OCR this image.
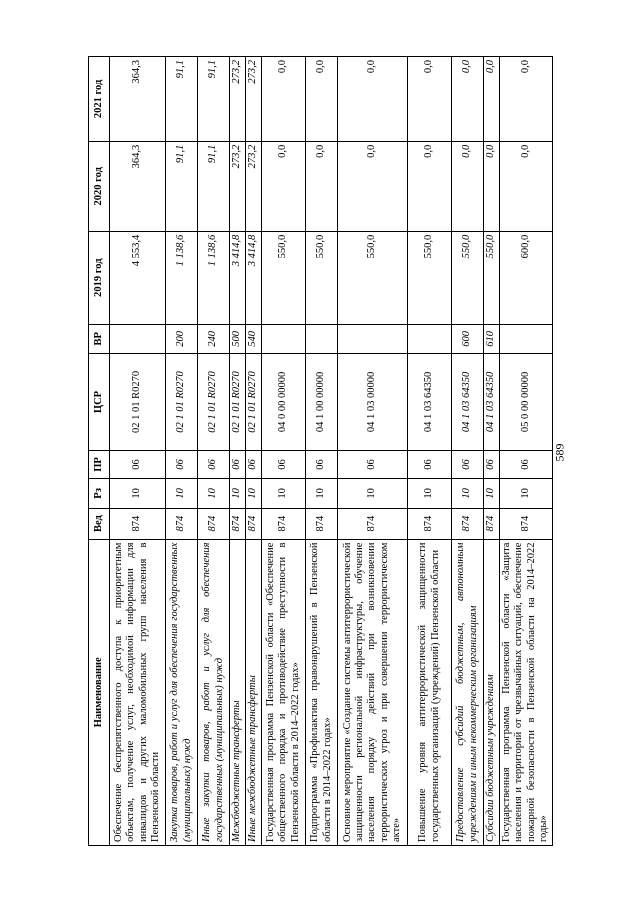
589
Наименование	Вед	Рз	ПР	ЦСР	ВР	2019 год	2020 год	2021 год
Обеспечение беспрепятственного доступа к приоритетным объектам, получение услуг, необходимой информации для инвалидов и других маломобильных групп населения в Пензенской области	874	10	06	02 1 01 R0270		4 553,4	364,3	364,3
Закупка товаров, работ и услуг для обеспечения государственных (муниципальных) нужд	874	10	06	02 1 01 R0270	200	1 138,6	91,1	91,1
Иные закупки товаров, работ и услуг для обеспечения государственных (муниципальных) нужд	874	10	06	02 1 01 R0270	240	1 138,6	91,1	91,1
Межбюджетные трансферты	874	10	06	02 1 01 R0270	500	3 414,8	273,2	273,2
Иные межбюджетные трансферты	874	10	06	02 1 01 R0270	540	3 414,8	273,2	273,2
Государственная программа Пензенской области «Обеспечение общественного порядка и противодействие преступности в Пензенской области в 2014–2022 годах»	874	10	06	04 0 00 00000		550,0	0,0	0,0
Подпрограмма «Профилактика правонарушений в Пензенской области в 2014–2022 годах»	874	10	06	04 1 00 00000		550,0	0,0	0,0
Основное мероприятие «Создание системы антитеррористической защищенности региональной инфраструктуры, обучение населения порядку действий при возникновении террористических угроз и при совершении террористическом акте»	874	10	06	04 1 03 00000		550,0	0,0	0,0
Повышение уровня антитеррористической защищенности государственных организаций (учреждений) Пензенской области	874	10	06	04 1 03 64350		550,0	0,0	0,0
Предоставление субсидий бюджетным, автономным учреждениям и иным некоммерческим организациям	874	10	06	04 1 03 64350	600	550,0	0,0	0,0
Субсидии бюджетным учреждениям	874	10	06	04 1 03 64350	610	550,0	0,0	0,0
Государственная программа Пензенской области «Защита населения и территорий от чрезвычайных ситуаций, обеспечение пожарной безопасности в Пензенской области на 2014–2022 годы»	874	10	06	05 0 00 00000		600,0	0,0	0,0
